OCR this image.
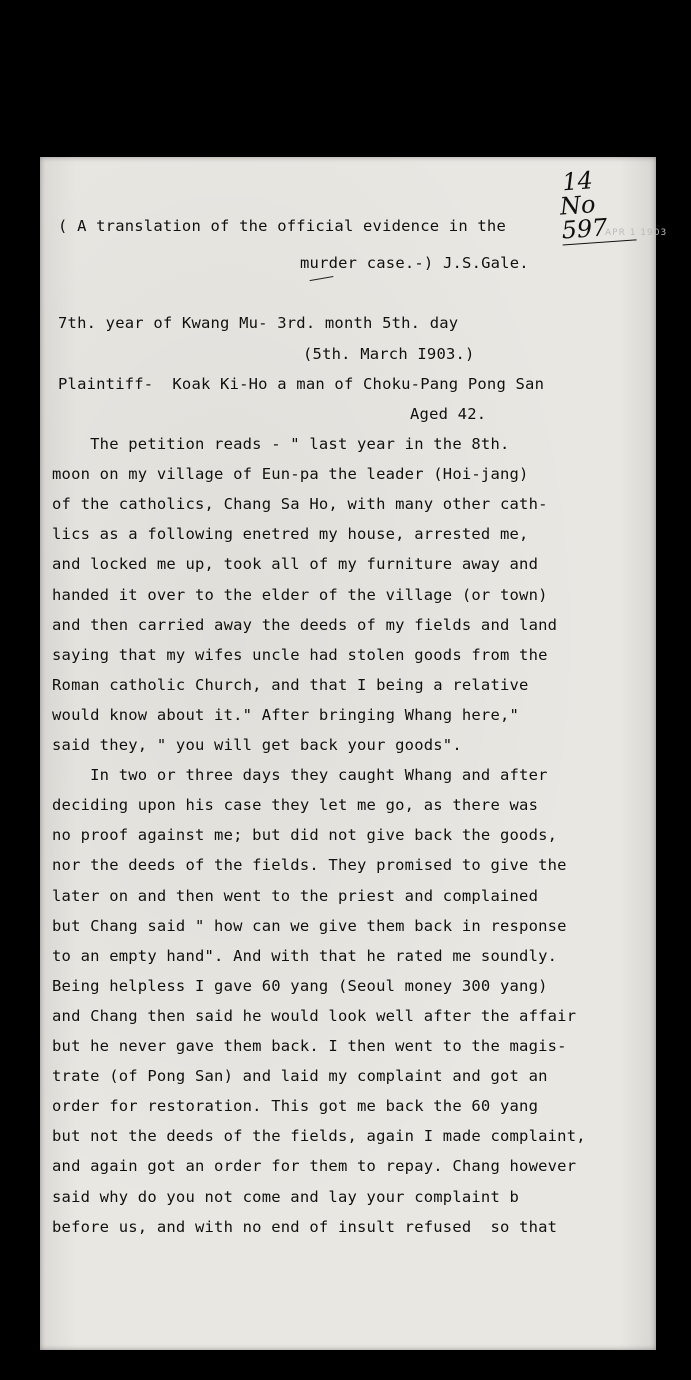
14
No 597
APR 1 1903
( A translation of the official evidence in the
murder case.-) J.S.Gale.
7th. year of Kwang Mu- 3rd. month 5th. day
(5th. March I903.)
Plaintiff-  Koak Ki-Ho a man of Choku-Pang Pong San
Aged 42.
The petition reads - " last year in the 8th.
moon on my village of Eun-pa the leader (Hoi-jang)
of the catholics, Chang Sa Ho, with many other cath-
lics as a following enetred my house, arrested me,
and locked me up, took all of my furniture away and
handed it over to the elder of the village (or town)
and then carried away the deeds of my fields and land
saying that my wifes uncle had stolen goods from the
Roman catholic Church, and that I being a relative
would know about it." After bringing Whang here,"
said they, " you will get back your goods".
In two or three days they caught Whang and after
deciding upon his case they let me go, as there was
no proof against me; but did not give back the goods,
nor the deeds of the fields. They promised to give the
later on and then went to the priest and complained
but Chang said " how can we give them back in response
to an empty hand". And with that he rated me soundly.
Being helpless I gave 60 yang (Seoul money 300 yang)
and Chang then said he would look well after the affair
but he never gave them back. I then went to the magis-
trate (of Pong San) and laid my complaint and got an
order for restoration. This got me back the 60 yang
but not the deeds of the fields, again I made complaint,
and again got an order for them to repay. Chang however
said why do you not come and lay your complaint b
before us, and with no end of insult refused  so that
